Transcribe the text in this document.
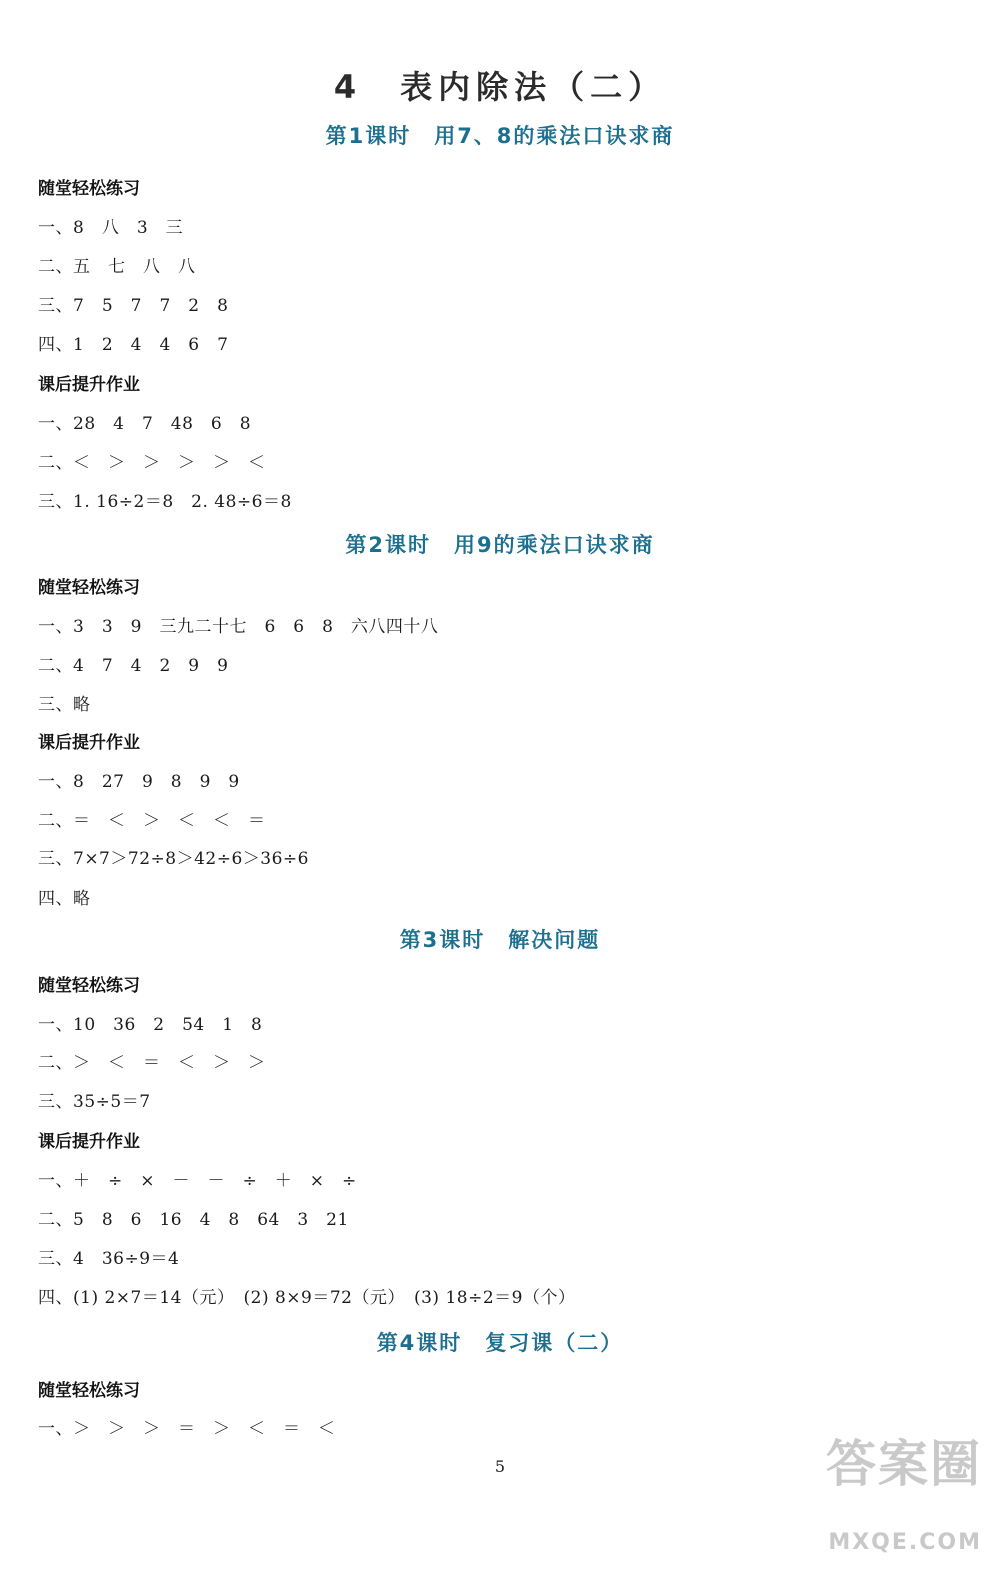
4　表内除法（二）
第1课时　用7、8的乘法口诀求商
随堂轻松练习
一、8　八　3　三
二、五　七　八　八
三、7　5　7　7　2　8
四、1　2　4　4　6　7
课后提升作业
一、28　4　7　48　6　8
二、＜　＞　＞　＞　＞　＜
三、1. 16÷2＝8　2. 48÷6＝8
第2课时　用9的乘法口诀求商
随堂轻松练习
一、3　3　9　三九二十七　6　6　8　六八四十八
二、4　7　4　2　9　9
三、略
课后提升作业
一、8　27　9　8　9　9
二、＝　＜　＞　＜　＜　＝
三、7×7＞72÷8＞42÷6＞36÷6
四、略
第3课时　解决问题
随堂轻松练习
一、10　36　2　54　1　8
二、＞　＜　＝　＜　＞　＞
三、35÷5＝7
课后提升作业
一、＋　÷　×　－　－　÷　＋　×　÷
二、5　8　6　16　4　8　64　3　21
三、4　36÷9＝4
四、(1) 2×7＝14（元）　(2) 8×9＝72（元）　(3) 18÷2＝9（个）
第4课时　复习课（二）
随堂轻松练习
一、＞　＞　＞　＝　＞　＜　＝　＜
5

	答案圈

MXQE.COM
